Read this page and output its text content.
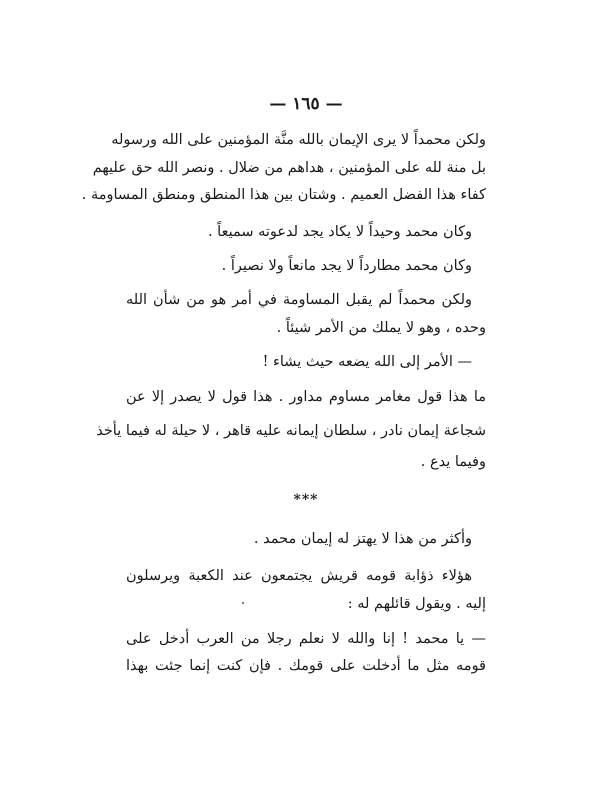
— ١٦٥ —
ولكن محمداً لا يرى الإيمان بالله منَّة المؤمنين على الله ورسوله
بل منة لله على المؤمنين ، هداهم من ضلال . ونصر الله حق عليهم
كفاء هذا الفضل العميم . وشتان بين هذا المنطق ومنطق المساومة .
وكان محمد وحيداً لا يكاد يجد لدعوته سميعاً .
وكان محمد مطارداً لا يجد مانعاً ولا نصيراً .
ولكن محمداً لم يقبل المساومة في أمر هو من شأن الله
وحده ، وهو لا يملك من الأمر شيئاً .
— الأمر إلى الله يضعه حيث يشاء !
ما هذا قول مغامر مساوم مداور . هذا قول لا يصدر إلا عن
شجاعة إيمان نادر ، سلطان إيمانه عليه قاهر ، لا حيلة له فيما يأخذ
وفيما يدع .
***
وأكثر من هذا لا يهتز له إيمان محمد .
هؤلاء ذؤابة قومه قريش يجتمعون عند الكعبة ويرسلون
إليه . ويقول قائلهم له :
— يا محمد ! إنا والله لا نعلم رجلا من العرب أدخل على
قومه مثل ما أدخلت على قومك . فإن كنت إنما جئت بهذا
